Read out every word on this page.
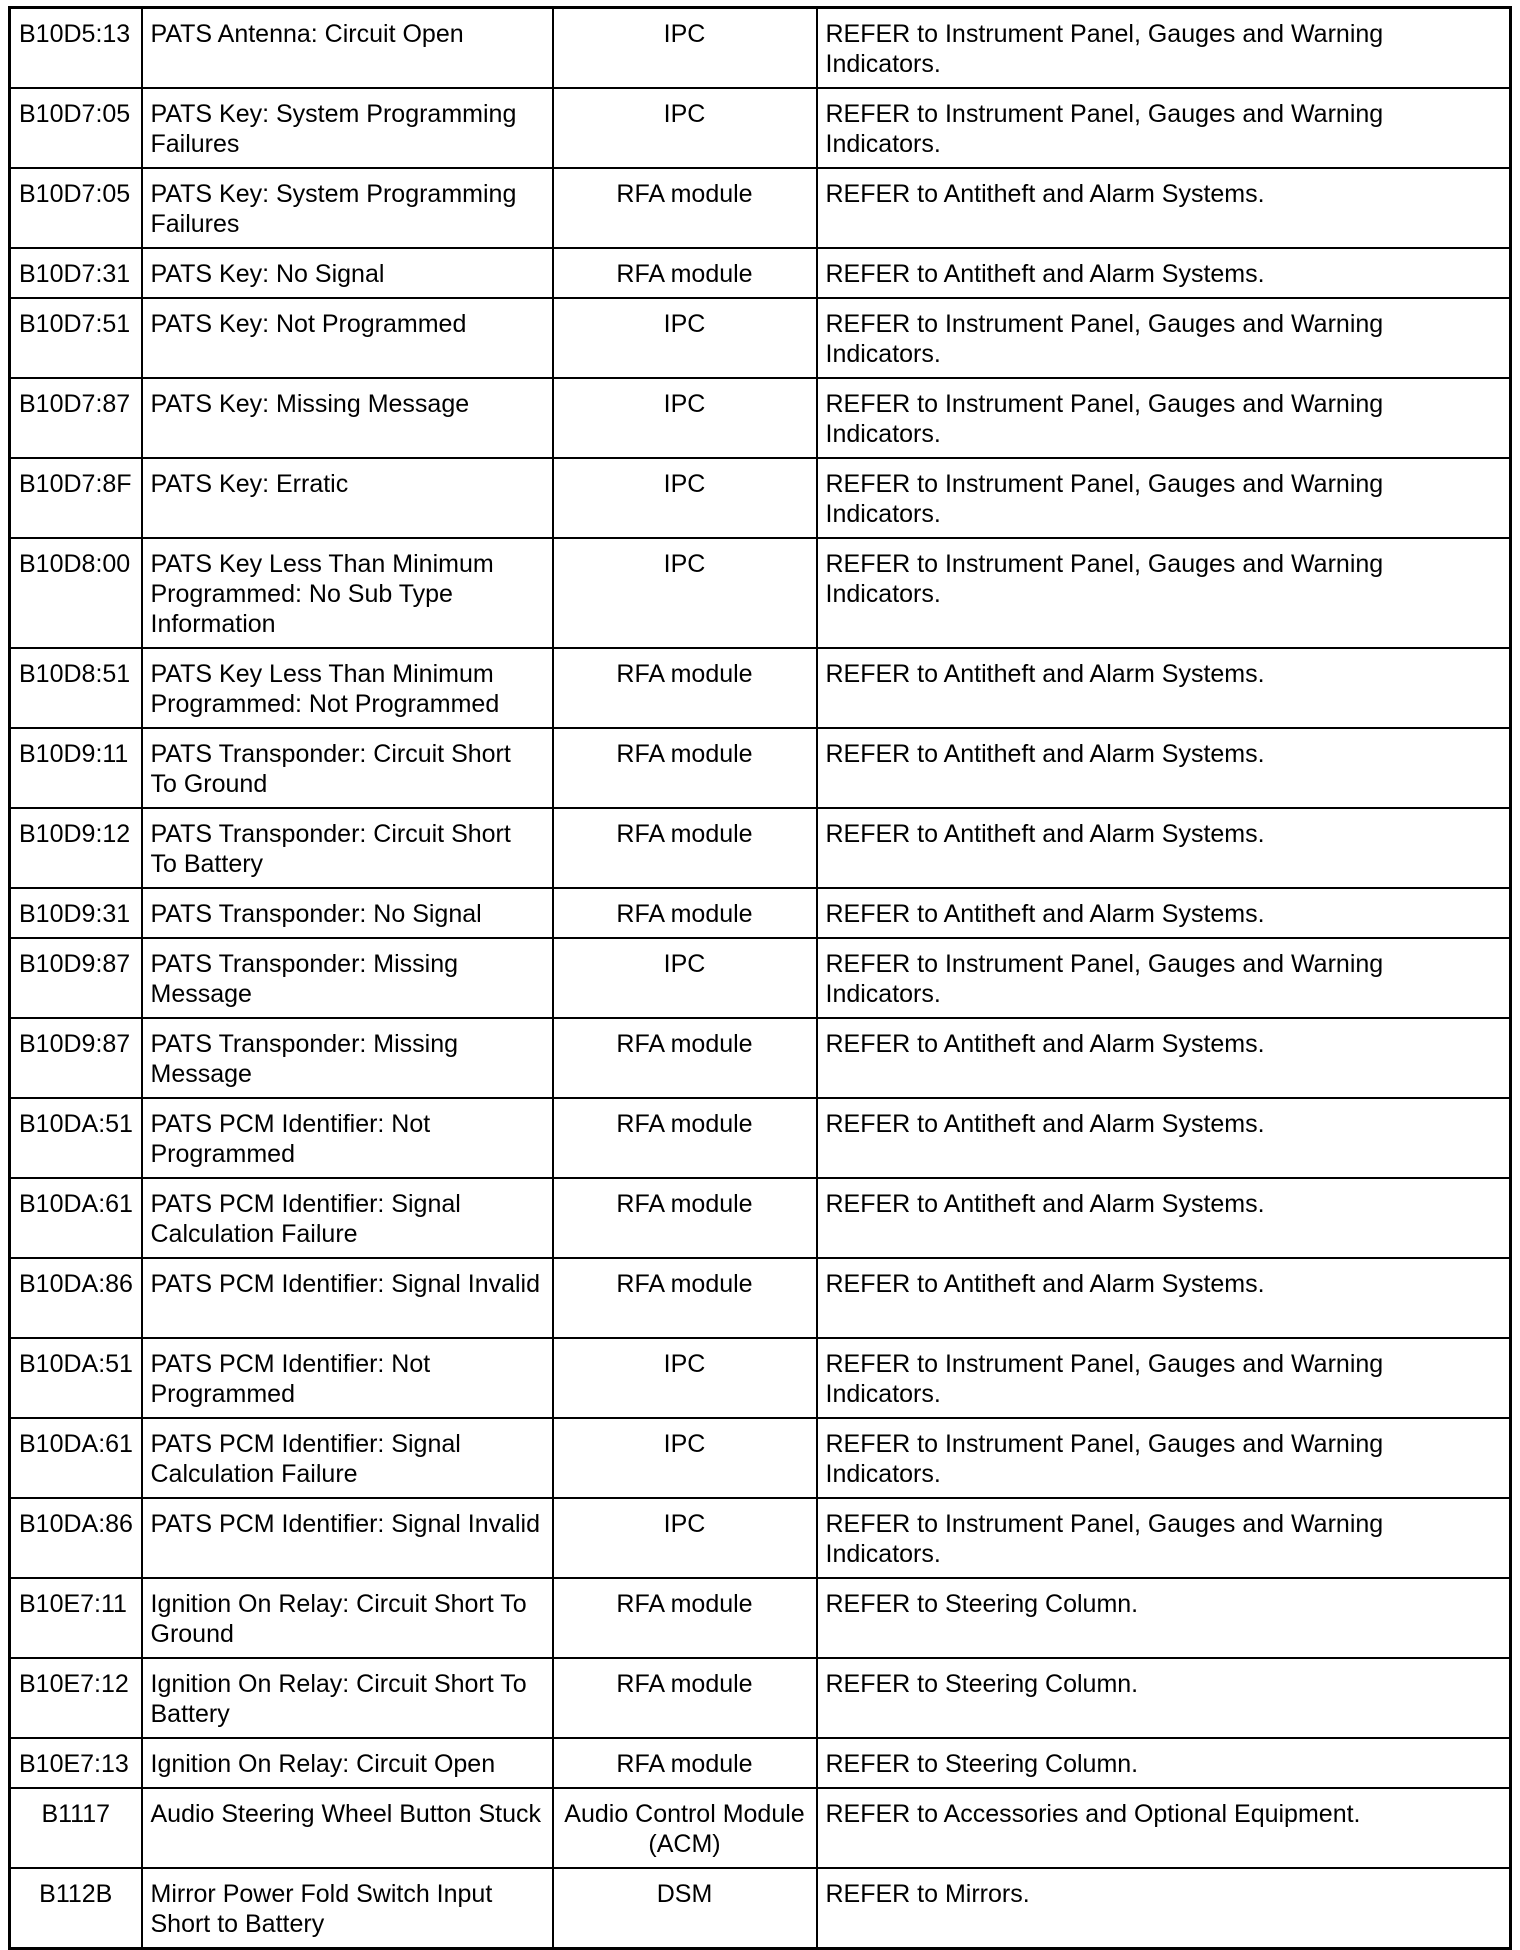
B10D5:13	PATS Antenna: Circuit Open	IPC	REFER to Instrument Panel, Gauges and Warning Indicators.
B10D7:05	PATS Key: System Programming Failures	IPC	REFER to Instrument Panel, Gauges and Warning Indicators.
B10D7:05	PATS Key: System Programming Failures	RFA module	REFER to Antitheft and Alarm Systems.
B10D7:31	PATS Key: No Signal	RFA module	REFER to Antitheft and Alarm Systems.
B10D7:51	PATS Key: Not Programmed	IPC	REFER to Instrument Panel, Gauges and Warning Indicators.
B10D7:87	PATS Key: Missing Message	IPC	REFER to Instrument Panel, Gauges and Warning Indicators.
B10D7:8F	PATS Key: Erratic	IPC	REFER to Instrument Panel, Gauges and Warning Indicators.
B10D8:00	PATS Key Less Than Minimum Programmed: No Sub Type Information	IPC	REFER to Instrument Panel, Gauges and Warning Indicators.
B10D8:51	PATS Key Less Than Minimum Programmed: Not Programmed	RFA module	REFER to Antitheft and Alarm Systems.
B10D9:11	PATS Transponder: Circuit Short To Ground	RFA module	REFER to Antitheft and Alarm Systems.
B10D9:12	PATS Transponder: Circuit Short To Battery	RFA module	REFER to Antitheft and Alarm Systems.
B10D9:31	PATS Transponder: No Signal	RFA module	REFER to Antitheft and Alarm Systems.
B10D9:87	PATS Transponder: Missing Message	IPC	REFER to Instrument Panel, Gauges and Warning Indicators.
B10D9:87	PATS Transponder: Missing Message	RFA module	REFER to Antitheft and Alarm Systems.
B10DA:51	PATS PCM Identifier: Not Programmed	RFA module	REFER to Antitheft and Alarm Systems.
B10DA:61	PATS PCM Identifier: Signal Calculation Failure	RFA module	REFER to Antitheft and Alarm Systems.
B10DA:86	PATS PCM Identifier: Signal Invalid	RFA module	REFER to Antitheft and Alarm Systems.
B10DA:51	PATS PCM Identifier: Not Programmed	IPC	REFER to Instrument Panel, Gauges and Warning Indicators.
B10DA:61	PATS PCM Identifier: Signal Calculation Failure	IPC	REFER to Instrument Panel, Gauges and Warning Indicators.
B10DA:86	PATS PCM Identifier: Signal Invalid	IPC	REFER to Instrument Panel, Gauges and Warning Indicators.
B10E7:11	Ignition On Relay: Circuit Short To Ground	RFA module	REFER to Steering Column.
B10E7:12	Ignition On Relay: Circuit Short To Battery	RFA module	REFER to Steering Column.
B10E7:13	Ignition On Relay: Circuit Open	RFA module	REFER to Steering Column.
B1117	Audio Steering Wheel Button Stuck	Audio Control Module (ACM)	REFER to Accessories and Optional Equipment.
B112B	Mirror Power Fold Switch Input Short to Battery	DSM	REFER to Mirrors.
